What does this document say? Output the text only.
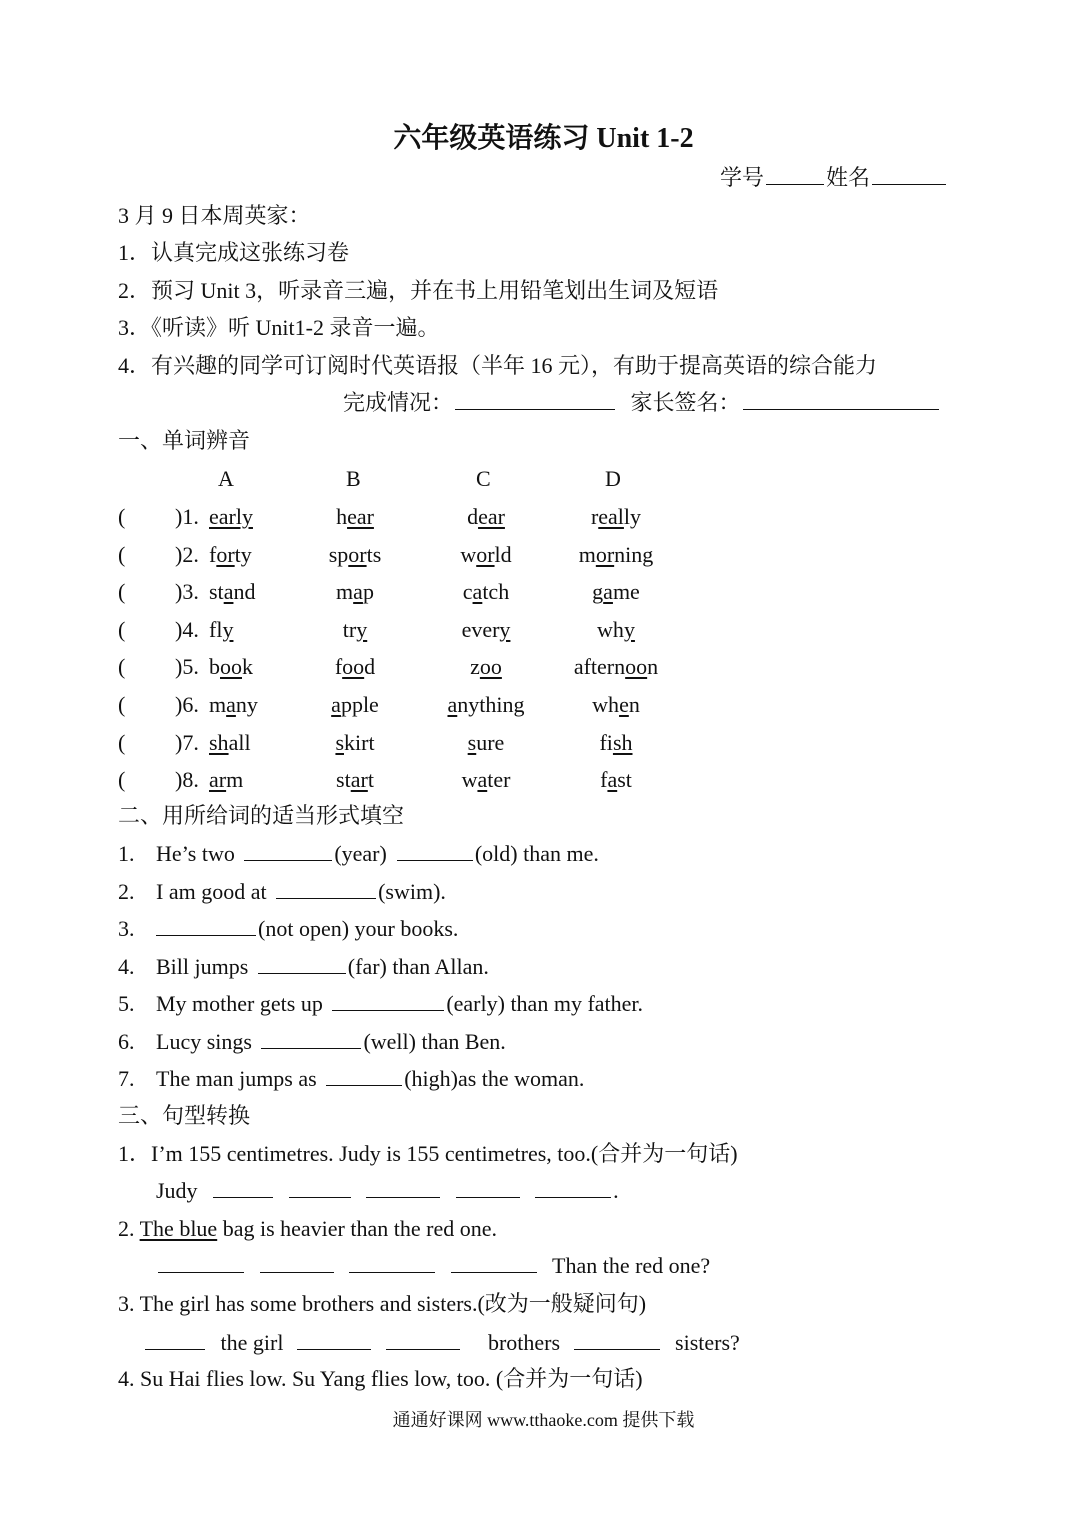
六年级英语练习 Unit 1-2
学号	姓名
3 月 9 日本周英家：
1．认真完成这张练习卷
2．预习 Unit 3，听录音三遍，并在书上用铅笔划出生词及短语
3．《听读》听 Unit1-2 录音一遍。
4．有兴趣的同学可订阅时代英语报（半年 16 元），有助于提高英语的综合能力
完成情况：	家长签名：
一、单词辨音
A	B	C	D
( )1. early	hear	dear	really
( )2. forty	sports	world	morning
( )3. stand	map	catch	game
( )4. fly	try	every	why
( )5. book	food	zoo	afternoon
( )6. many	apple	anything	when
( )7. shall	skirt	sure	fish
( )8. arm	start	water	fast
二、用所给词的适当形式填空
1. He’s two	(year)	(old) than me.
2. I am good at	(swim).
3.	(not open) your books.
4. Bill jumps	(far) than Allan.
5. My mother gets up	(early) than my father.
6. Lucy sings	(well) than Ben.
7. The man jumps as	(high)as the woman.
三、句型转换
1．I’m 155 centimetres. Judy is 155 centimetres, too.(合并为一句话)
Judy	.
2. The blue bag is heavier than the red one.
Than the red one?
3. The girl has some brothers and sisters.(改为一般疑问句)
the girl	brothers	sisters?
4. Su Hai flies low. Su Yang flies low, too. (合并为一句话)
通通好课网 www.tthaoke.com 提供下载
